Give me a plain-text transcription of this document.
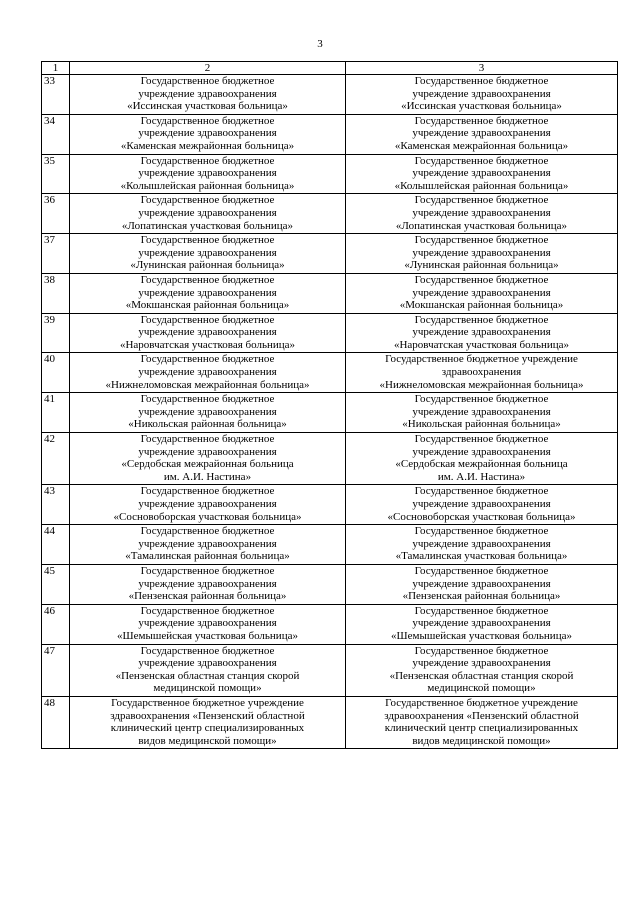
3
1	2	3
33	Государственное бюджетное
учреждение здравоохранения
«Иссинская участковая больница»	Государственное бюджетное
учреждение здравоохранения
«Иссинская участковая больница»

34	Государственное бюджетное
учреждение здравоохранения
«Каменская межрайонная больница»	Государственное бюджетное
учреждение здравоохранения
«Каменская межрайонная больница»

35	Государственное бюджетное
учреждение здравоохранения
«Колышлейская районная больница»	Государственное бюджетное
учреждение здравоохранения
«Колышлейская районная больница»

36	Государственное бюджетное
учреждение здравоохранения
«Лопатинская участковая больница»	Государственное бюджетное
учреждение здравоохранения
«Лопатинская участковая больница»

37	Государственное бюджетное
учреждение здравоохранения
«Лунинская районная больница»	Государственное бюджетное
учреждение здравоохранения
«Лунинская районная больница»

38	Государственное бюджетное
учреждение здравоохранения
«Мокшанская районная больница»	Государственное бюджетное
учреждение здравоохранения
«Мокшанская районная больница»

39	Государственное бюджетное
учреждение здравоохранения
«Наровчатская участковая больница»	Государственное бюджетное
учреждение здравоохранения
«Наровчатская участковая больница»

40	Государственное бюджетное
учреждение здравоохранения
«Нижнеломовская межрайонная больница»	Государственное бюджетное учреждение
здравоохранения
«Нижнеломовская межрайонная больница»

41	Государственное бюджетное
учреждение здравоохранения
«Никольская районная больница»	Государственное бюджетное
учреждение здравоохранения
«Никольская районная больница»

42	Государственное бюджетное
учреждение здравоохранения
«Сердобская межрайонная больница
им. А.И. Настина»	Государственное бюджетное
учреждение здравоохранения
«Сердобская межрайонная больница
им. А.И. Настина»

43	Государственное бюджетное
учреждение здравоохранения
«Сосновоборская участковая больница»	Государственное бюджетное
учреждение здравоохранения
«Сосновоборская участковая больница»

44	Государственное бюджетное
учреждение здравоохранения
«Тамалинская районная больница»	Государственное бюджетное
учреждение здравоохранения
«Тамалинская участковая больница»

45	Государственное бюджетное
учреждение здравоохранения
«Пензенская районная больница»	Государственное бюджетное
учреждение здравоохранения
«Пензенская районная больница»

46	Государственное бюджетное
учреждение здравоохранения
«Шемышейская участковая больница»	Государственное бюджетное
учреждение здравоохранения
«Шемышейская участковая больница»

47	Государственное бюджетное
учреждение здравоохранения
«Пензенская областная станция скорой
медицинской помощи»	Государственное бюджетное
учреждение здравоохранения
«Пензенская областная станция скорой
медицинской помощи»

48	Государственное бюджетное учреждение
здравоохранения «Пензенский областной
клинический центр специализированных
видов медицинской помощи»	Государственное бюджетное учреждение
здравоохранения «Пензенский областной
клинический центр специализированных
видов медицинской помощи»
